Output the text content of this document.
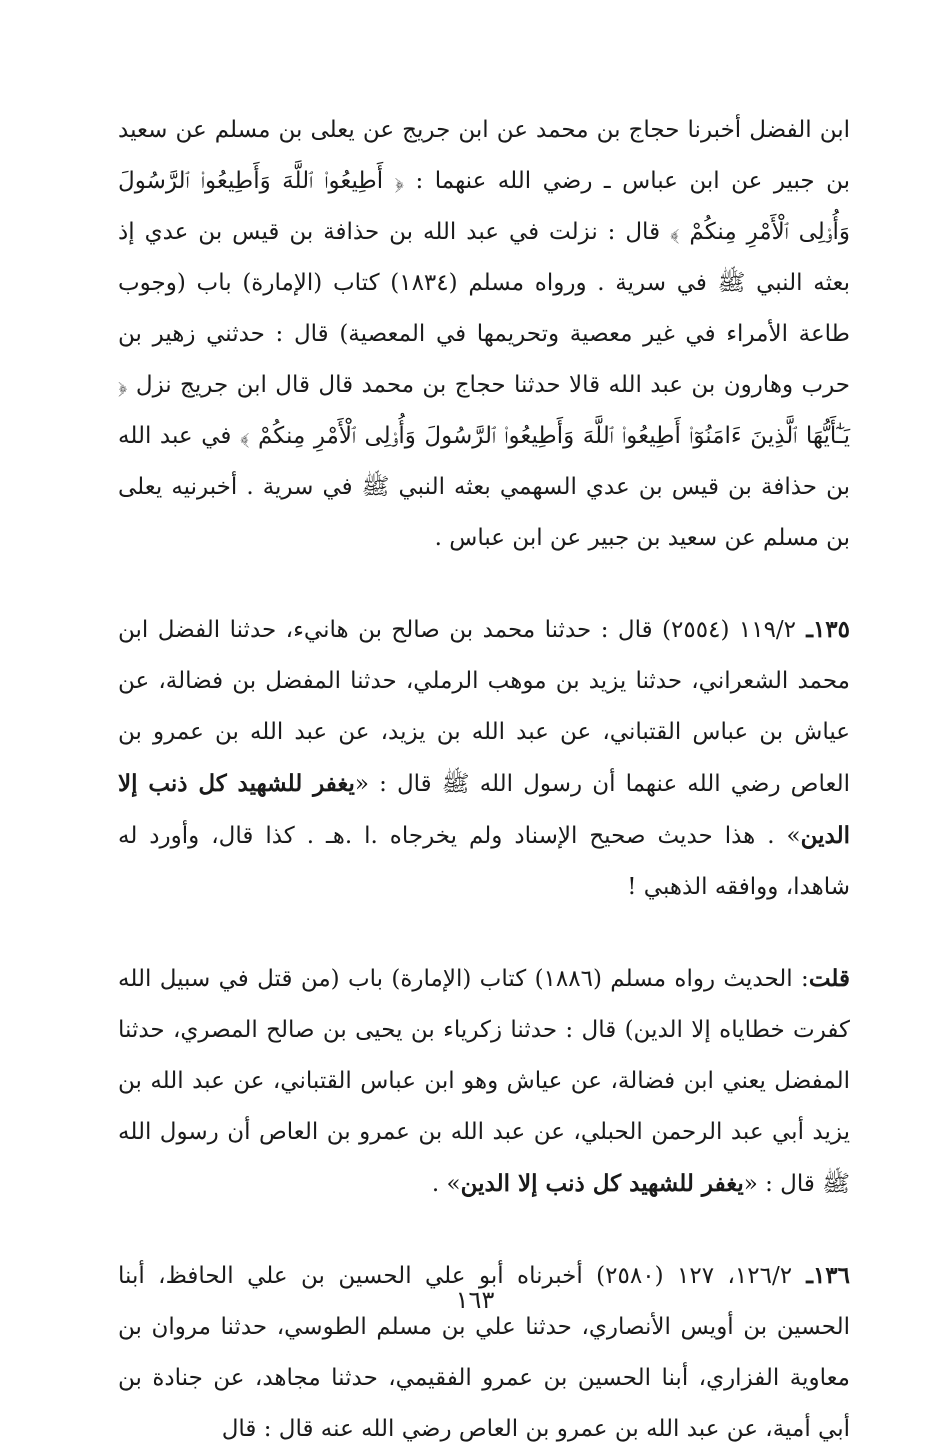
ابن الفضل أخبرنا حجاج بن محمد عن ابن جريج عن يعلى بن مسلم عن سعيد بن جبير عن ابن عباس ـ رضي الله عنهما : ﴿ أَطِيعُوا۟ ٱللَّهَ وَأَطِيعُوا۟ ٱلرَّسُولَ وَأُو۟لِى ٱلْأَمْرِ مِنكُمْ ﴾ قال : نزلت في عبد الله بن حذافة بن قيس بن عدي إذ بعثه النبي ﷺ في سرية . ورواه مسلم (١٨٣٤) كتاب (الإمارة) باب (وجوب طاعة الأمراء في غير معصية وتحريمها في المعصية) قال : حدثني زهير بن حرب وهارون بن عبد الله قالا حدثنا حجاج بن محمد قال قال ابن جريج نزل ﴿ يَـٰٓأَيُّهَا ٱلَّذِينَ ءَامَنُوٓا۟ أَطِيعُوا۟ ٱللَّهَ وَأَطِيعُوا۟ ٱلرَّسُولَ وَأُو۟لِى ٱلْأَمْرِ مِنكُمْ ﴾ في عبد الله بن حذافة بن قيس بن عدي السهمي بعثه النبي ﷺ في سرية . أخبرنيه يعلى بن مسلم عن سعيد بن جبير عن ابن عباس .

١٣٥ـ ١١٩/٢ (٢٥٥٤) قال : حدثنا محمد بن صالح بن هانيء، حدثنا الفضل ابن محمد الشعراني، حدثنا يزيد بن موهب الرملي، حدثنا المفضل بن فضالة، عن عياش بن عباس القتباني، عن عبد الله بن يزيد، عن عبد الله بن عمرو بن العاص رضي الله عنهما أن رسول الله ﷺ قال : «يغفر للشهيد كل ذنب إلا الدين» . هذا حديث صحيح الإسناد ولم يخرجاه .ا .هـ . كذا قال، وأورد له شاهدا، ووافقه الذهبي !

قلت: الحديث رواه مسلم (١٨٨٦) كتاب (الإمارة) باب (من قتل في سبيل الله كفرت خطاياه إلا الدين) قال : حدثنا زكرياء بن يحيى بن صالح المصري، حدثنا المفضل يعني ابن فضالة، عن عياش وهو ابن عباس القتباني، عن عبد الله بن يزيد أبي عبد الرحمن الحبلي، عن عبد الله بن عمرو بن العاص أن رسول الله ﷺ قال : «يغفر للشهيد كل ذنب إلا الدين» .

١٣٦ـ ١٢٦/٢، ١٢٧ (٢٥٨٠) أخبرناه أبو علي الحسين بن علي الحافظ، أبنا الحسين بن أويس الأنصاري، حدثنا علي بن مسلم الطوسي، حدثنا مروان بن معاوية الفزاري، أبنا الحسين بن عمرو الفقيمي، حدثنا مجاهد، عن جنادة بن أبي أمية، عن عبد الله بن عمرو بن العاص رضي الله عنه قال : قال

١٦٣
